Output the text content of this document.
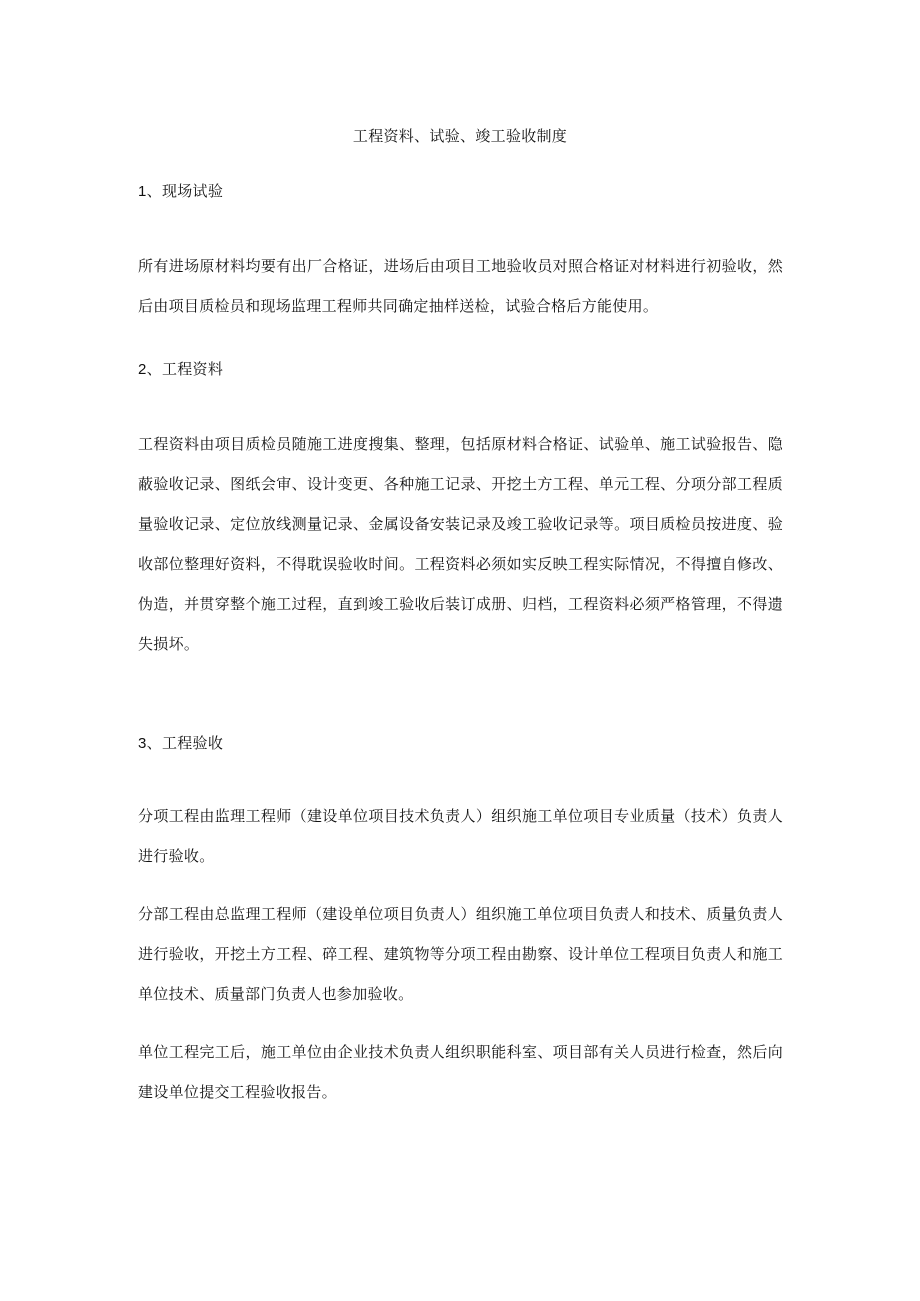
工程资料、试验、竣工验收制度
1、现场试验
所有进场原材料均要有出厂合格证，进场后由项目工地验收员对照合格证对材料进行初验收，然后由项目质检员和现场监理工程师共同确定抽样送检，试验合格后方能使用。
2、工程资料
工程资料由项目质检员随施工进度搜集、整理，包括原材料合格证、试验单、施工试验报告、隐蔽验收记录、图纸会审、设计变更、各种施工记录、开挖土方工程、单元工程、分项分部工程质量验收记录、定位放线测量记录、金属设备安装记录及竣工验收记录等。项目质检员按进度、验收部位整理好资料，不得耽误验收时间。工程资料必须如实反映工程实际情况，不得擅自修改、伪造，并贯穿整个施工过程，直到竣工验收后装订成册、归档，工程资料必须严格管理，不得遗失损坏。
3、工程验收
分项工程由监理工程师（建设单位项目技术负责人）组织施工单位项目专业质量（技术）负责人进行验收。
分部工程由总监理工程师（建设单位项目负责人）组织施工单位项目负责人和技术、质量负责人进行验收，开挖土方工程、碎工程、建筑物等分项工程由勘察、设计单位工程项目负责人和施工单位技术、质量部门负责人也参加验收。
单位工程完工后，施工单位由企业技术负责人组织职能科室、项目部有关人员进行检查，然后向建设单位提交工程验收报告。
